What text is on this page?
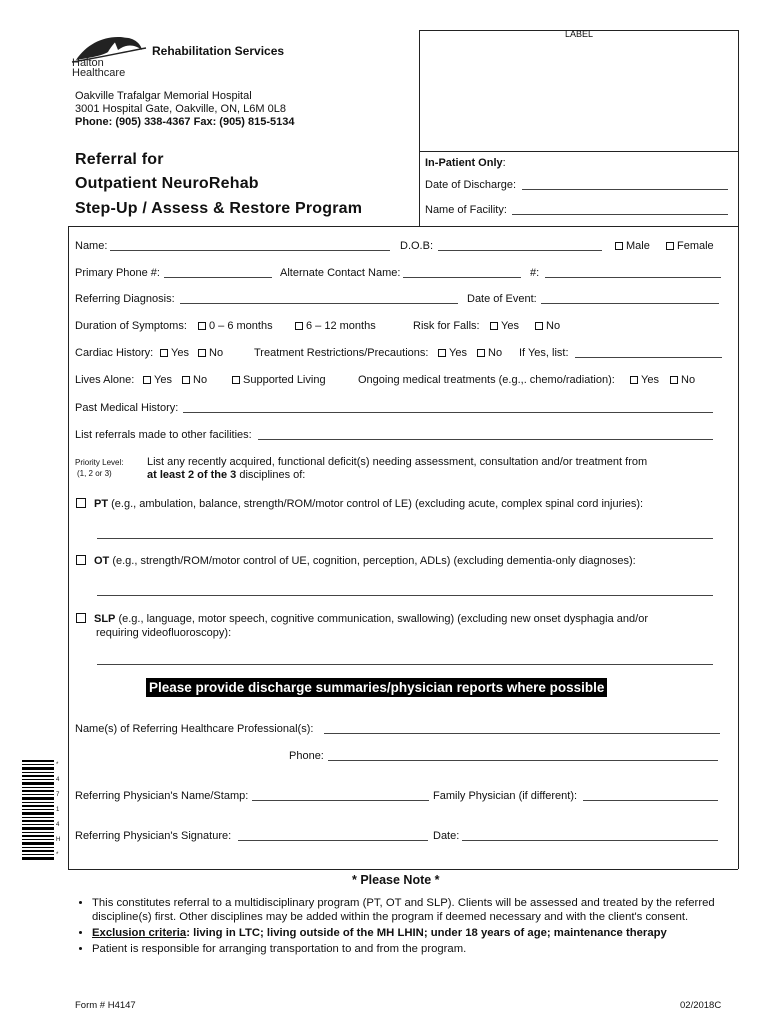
Halton
Healthcare
Rehabilitation Services
Oakville Trafalgar Memorial Hospital
3001 Hospital Gate, Oakville, ON, L6M 0L8
Phone: (905) 338-4367 Fax: (905) 815-5134
LABEL
Referral for
Outpatient NeuroRehab
Step-Up / Assess & Restore Program
In-Patient Only:
Date of Discharge:
Name of Facility:
Name:	D.O.B:	Male	Female
Primary Phone #:	Alternate Contact Name:	#:
Referring Diagnosis:	Date of Event:
Duration of Symptoms:	0 – 6 months	6 – 12 months	Risk for Falls:	Yes	No
Cardiac History:	Yes	No	Treatment Restrictions/Precautions:	Yes	No If Yes, list:
Lives Alone:	Yes	No	Supported Living	Ongoing medical treatments (e.g.,. chemo/radiation):	Yes	No
Past Medical History:
List referrals made to other facilities:
Priority Level:
(1, 2 or 3)
List any recently acquired, functional deficit(s) needing assessment, consultation and/or treatment from
at least 2 of the 3 disciplines of:
PT (e.g., ambulation, balance, strength/ROM/motor control of LE) (excluding acute, complex spinal cord injuries):
OT (e.g., strength/ROM/motor control of UE, cognition, perception, ADLs) (excluding dementia-only diagnoses):
SLP (e.g., language, motor speech, cognitive communication, swallowing) (excluding new onset dysphagia and/or
requiring videofluoroscopy):
Please provide discharge summaries/physician reports where possible
Name(s) of Referring Healthcare Professional(s):
Phone:
Referring Physician's Name/Stamp:	Family Physician (if different):
Referring Physician's Signature:	Date:
* 4 7 1 4 H *
* Please Note *
• This constitutes referral to a multidisciplinary program (PT, OT and SLP). Clients will be assessed and treated by the referred discipline(s) first. Other disciplines may be added within the program if deemed necessary and with the client's consent.
• Exclusion criteria: living in LTC; living outside of the MH LHIN; under 18 years of age; maintenance therapy
• Patient is responsible for arranging transportation to and from the program.
Form # H4147	02/2018C
